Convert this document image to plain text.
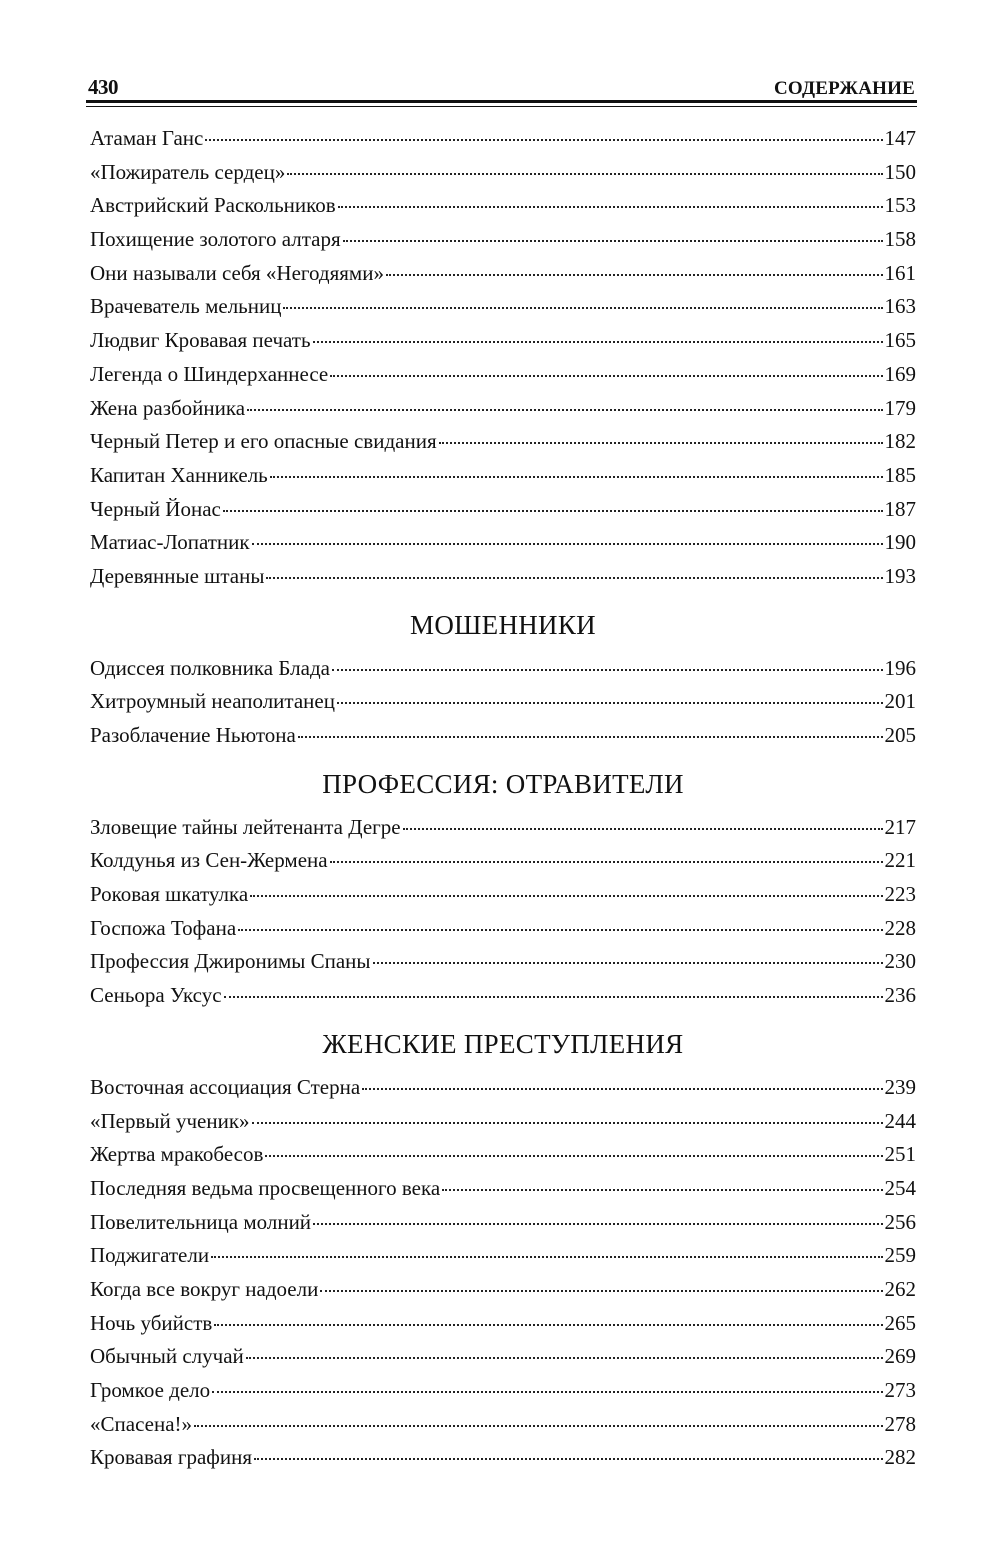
430	СОДЕРЖАНИЕ
Атаман Ганс	147
«Пожиратель сердец»	150
Австрийский Раскольников	153
Похищение золотого алтаря	158
Они называли себя «Негодяями»	161
Врачеватель мельниц	163
Людвиг Кровавая печать	165
Легенда о Шиндерханнесе	169
Жена разбойника	179
Черный Петер и его опасные свидания	182
Капитан Ханникель	185
Черный Йонас	187
Матиас-Лопатник	190
Деревянные штаны	193
МОШЕННИКИ
Одиссея полковника Блада	196
Хитроумный неаполитанец	201
Разоблачение Ньютона	205
ПРОФЕССИЯ: ОТРАВИТЕЛИ
Зловещие тайны лейтенанта Дегре	217
Колдунья из Сен-Жермена	221
Роковая шкатулка	223
Госпожа Тофана	228
Профессия Джиронимы Спаны	230
Сеньора Уксус	236
ЖЕНСКИЕ ПРЕСТУПЛЕНИЯ
Восточная ассоциация Стерна	239
«Первый ученик»	244
Жертва мракобесов	251
Последняя ведьма просвещенного века	254
Повелительница молний	256
Поджигатели	259
Когда все вокруг надоели	262
Ночь убийств	265
Обычный случай	269
Громкое дело	273
«Спасена!»	278
Кровавая графиня	282
